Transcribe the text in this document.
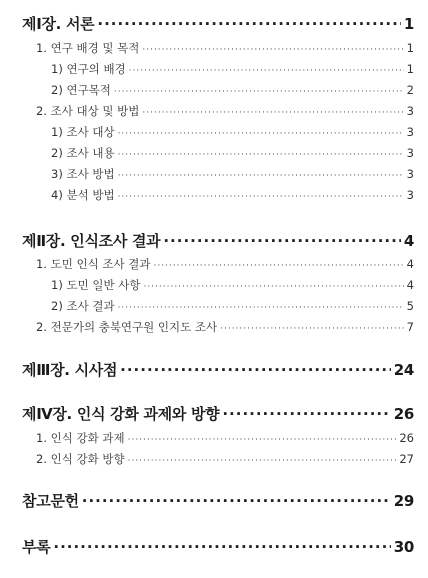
제Ⅰ장. 서론 ·····	1
1. 연구 배경 및 목적 ·····	1
1) 연구의 배경 ·····	1
2) 연구목적 ·····	2
2. 조사 대상 및 방법 ·····	3
1) 조사 대상 ·····	3
2) 조사 내용 ·····	3
3) 조사 방법 ·····	3
4) 분석 방법 ·····	3
제Ⅱ장. 인식조사 결과 ·····	4
1. 도민 인식 조사 결과 ·····	4
1) 도민 일반 사항 ·····	4
2) 조사 결과 ·····	5
2. 전문가의 충북연구원 인지도 조사 ·····	7
제Ⅲ장. 시사점 ·····	24
제Ⅳ장. 인식 강화 과제와 방향 ·····	26
1. 인식 강화 과제 ·····	26
2. 인식 강화 방향 ·····	27
참고문헌 ·····	29
부록 ·····	30
